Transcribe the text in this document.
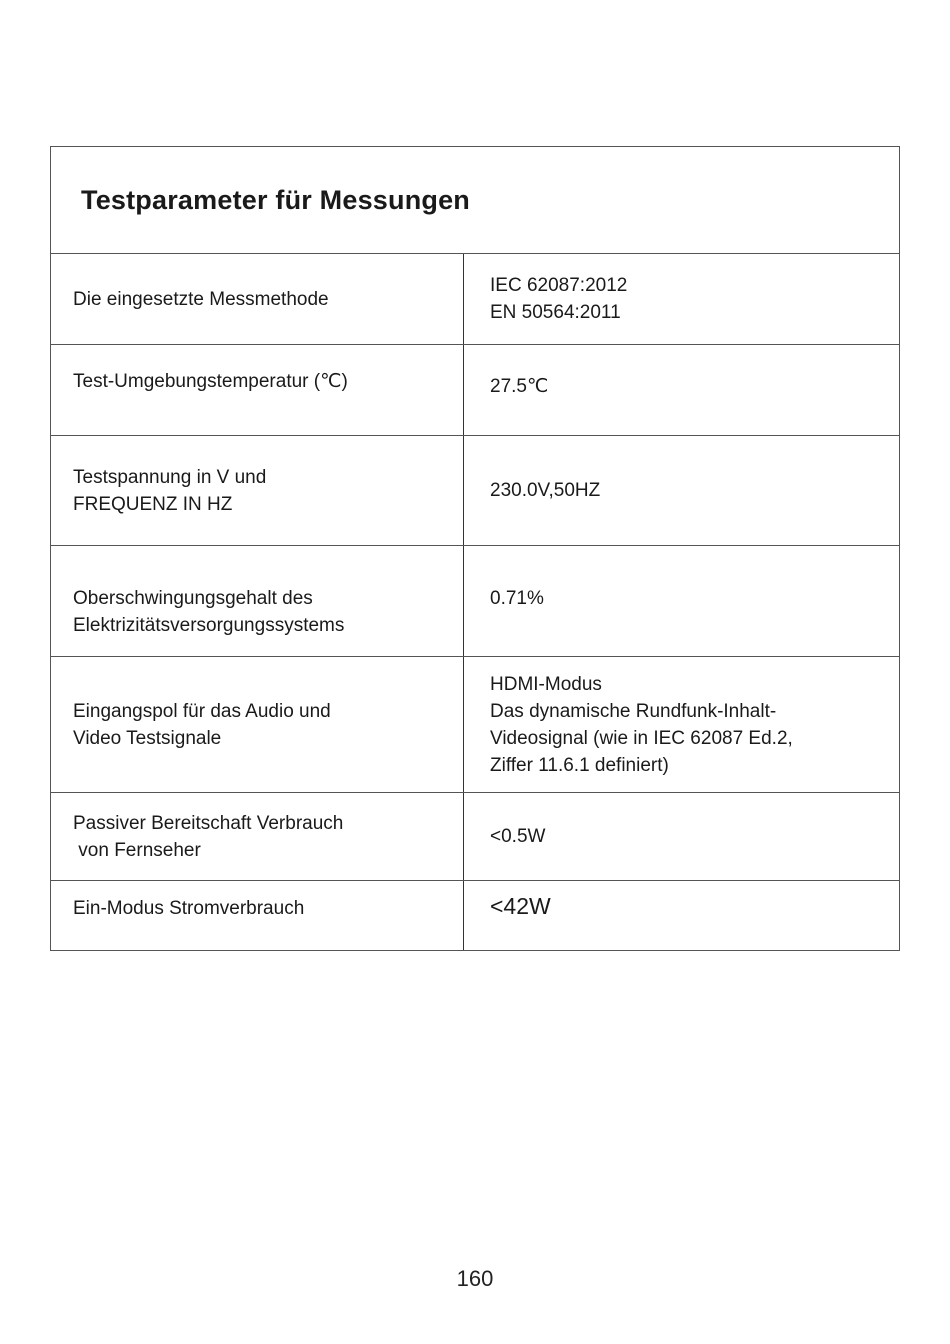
Testparameter für Messungen
Die eingesetzte Messmethode
IEC 62087:2012
EN 50564:2011
Test-Umgebungstemperatur (℃)	27.5℃
Testspannung in V und
FREQUENZ IN HZ
230.0V,50HZ
Oberschwingungsgehalt des
Elektrizitätsversorgungssystems
0.71%
Eingangspol für das Audio und
Video Testsignale
HDMI-Modus
Das dynamische Rundfunk-Inhalt-
Videosignal (wie in IEC 62087 Ed.2,
Ziffer 11.6.1 definiert)
Passiver Bereitschaft Verbrauch
von Fernseher
<0.5W
Ein-Modus Stromverbrauch	<42W
160
